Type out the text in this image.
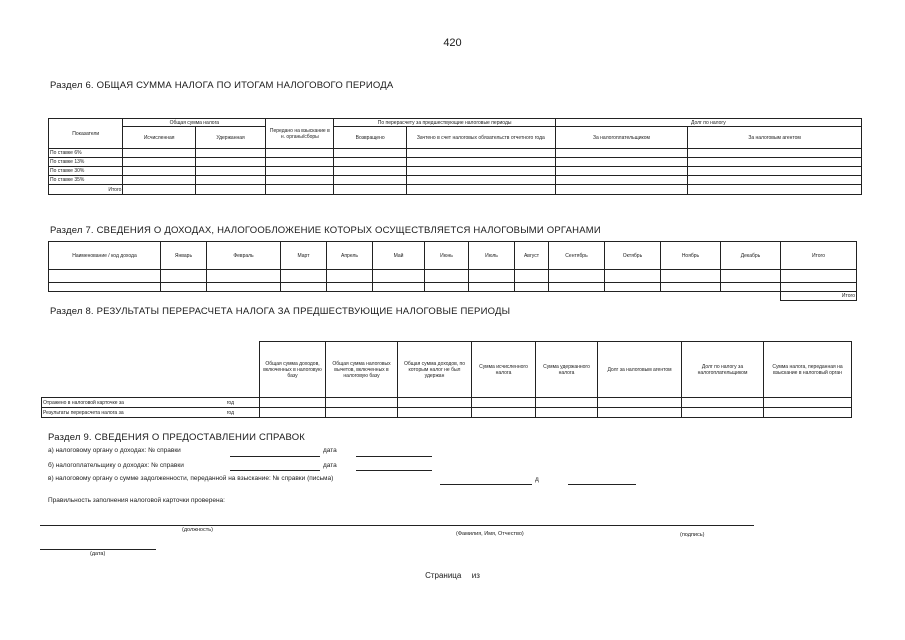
420
Раздел 6. ОБЩАЯ СУММА НАЛОГА ПО ИТОГАМ НАЛОГОВОГО ПЕРИОДА
Показатели	Общая сумма налога		Передано на взыскание в н. органы/сборы	По перерасчету за предшествующие налоговые периоды		Долг по налогу	
	Исчисленная	Удержанная		Возвращено	Зачтено в счет налоговых обязательств отчетного года	За налогоплательщиком	За налоговым агентом
По ставке 6%							
По ставке 13%							
По ставке 30%							
По ставке 35%							
Итого							
Раздел 7. СВЕДЕНИЯ О ДОХОДАХ, НАЛОГООБЛОЖЕНИЕ КОТОРЫХ ОСУЩЕСТВЛЯЕТСЯ НАЛОГОВЫМИ ОРГАНАМИ
Наименование / код дохода	Январь	Февраль	Март	Апрель	Май	Июнь	Июль	Август	Сентябрь	Октябрь	Ноябрь	Декабрь	Итого

													Итого
Раздел 8. РЕЗУЛЬТАТЫ ПЕРЕРАСЧЕТА НАЛОГА ЗА ПРЕДШЕСТВУЮЩИЕ НАЛОГОВЫЕ ПЕРИОДЫ
	Общая сумма доходов, включенных в налоговую базу	Общая сумма налоговых вычетов, включенных в налоговую базу	Общая сумма доходов, по которым налог не был удержан	Сумма исчисленного налога	Сумма удержанного налога	Долг за налоговым агентом	Долг по налогу за налогоплательщиком	Сумма налога, переданная на взыскание в налоговый орган
Отражено в налоговой карточке за год								

Результаты перерасчета налога за год								

Раздел 9. СВЕДЕНИЯ О ПРЕДОСТАВЛЕНИИ СПРАВОК
а) налоговому органу о доходах: № справки	дата
б) налогоплательщику о доходах: № справки	дата
в) налоговому органу о сумме задолженности, переданной на взыскание: № справки (письма)	д
Правильность заполнения налоговой карточки проверена:
(должность)
(Фамилия, Имя, Отчество)	(подпись)
(дата)
Страница из
